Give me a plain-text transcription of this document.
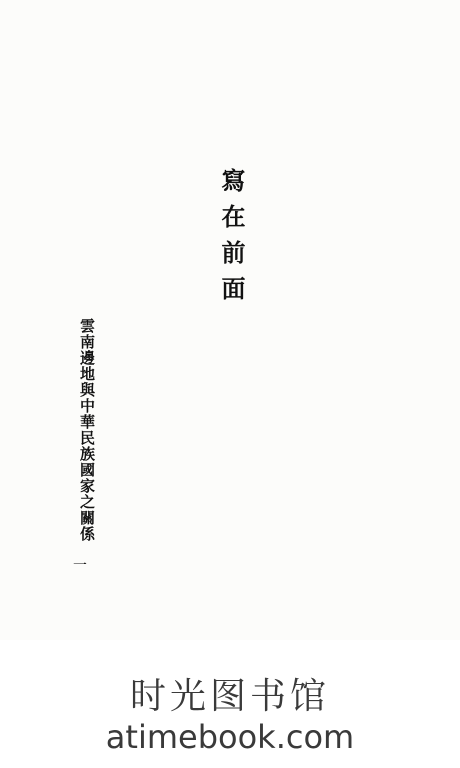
寫在前面
雲南邊地與中華民族國家之關係
一
时光图书馆
atimebook.com
